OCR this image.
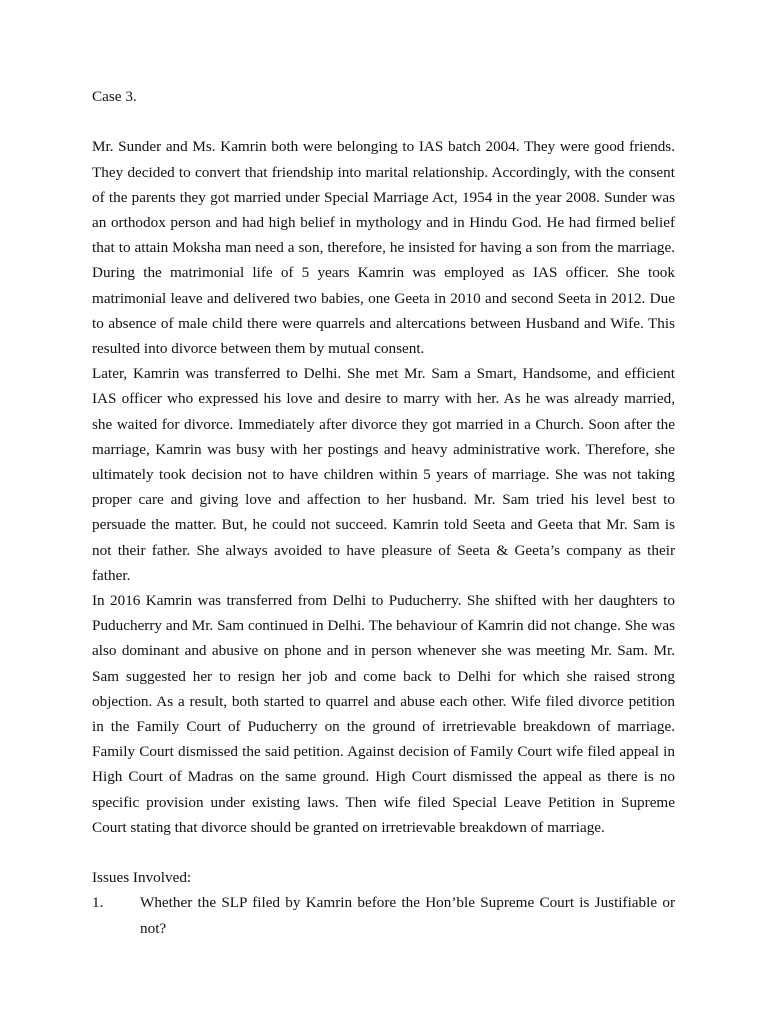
Case 3.

Mr. Sunder and Ms. Kamrin both were belonging to IAS batch 2004. They were good friends. They decided to convert that friendship into marital relationship. Accordingly, with the consent of the parents they got married under Special Marriage Act, 1954 in the year 2008. Sunder was an orthodox person and had high belief in mythology and in Hindu God. He had firmed belief that to attain Moksha man need a son, therefore, he insisted for having a son from the marriage. During the matrimonial life of 5 years Kamrin was employed as IAS officer. She took matrimonial leave and delivered two babies, one Geeta in 2010 and second Seeta in 2012. Due to absence of male child there were quarrels and altercations between Husband and Wife. This resulted into divorce between them by mutual consent.

Later, Kamrin was transferred to Delhi. She met Mr. Sam a Smart, Handsome, and efficient IAS officer who expressed his love and desire to marry with her. As he was already married, she waited for divorce. Immediately after divorce they got married in a Church. Soon after the marriage, Kamrin was busy with her postings and heavy administrative work. Therefore, she ultimately took decision not to have children within 5 years of marriage. She was not taking proper care and giving love and affection to her husband. Mr. Sam tried his level best to persuade the matter. But, he could not succeed. Kamrin told Seeta and Geeta that Mr. Sam is not their father. She always avoided to have pleasure of Seeta & Geeta’s company as their father.

In 2016 Kamrin was transferred from Delhi to Puducherry. She shifted with her daughters to Puducherry and Mr. Sam continued in Delhi. The behaviour of Kamrin did not change. She was also dominant and abusive on phone and in person whenever she was meeting Mr. Sam. Mr. Sam suggested her to resign her job and come back to Delhi for which she raised strong objection. As a result, both started to quarrel and abuse each other. Wife filed divorce petition in the Family Court of Puducherry on the ground of irretrievable breakdown of marriage. Family Court dismissed the said petition. Against decision of Family Court wife filed appeal in High Court of Madras on the same ground. High Court dismissed the appeal as there is no specific provision under existing laws. Then wife filed Special Leave Petition in Supreme Court stating that divorce should be granted on irretrievable breakdown of marriage.

Issues Involved:

1. Whether the SLP filed by Kamrin before the Hon’ble Supreme Court is Justifiable or not?
